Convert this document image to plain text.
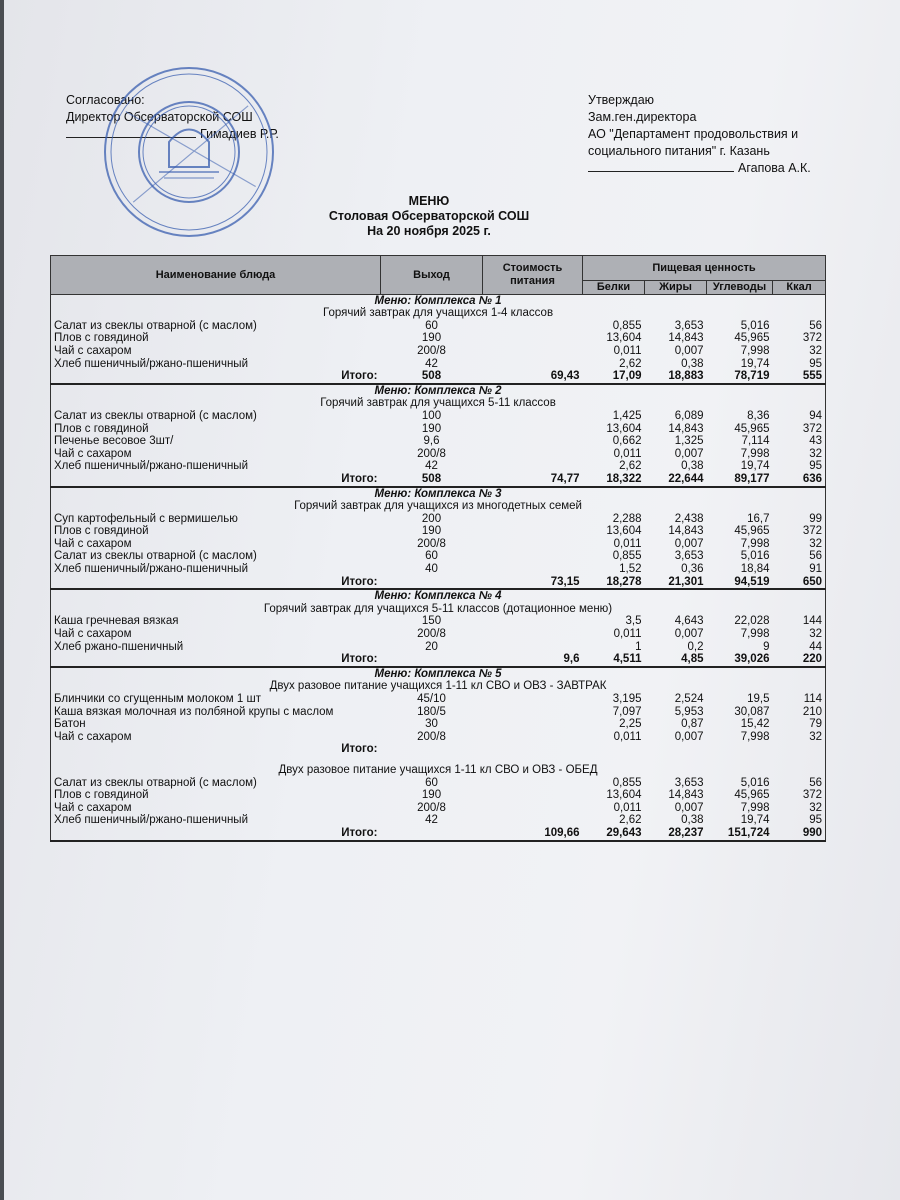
Согласовано:
Директор Обсерваторской СОШ
Гимадиев Р.Р.
Утверждаю
Зам.ген.директора
АО "Департамент продовольствия и
социального питания" г. Казань
Агапова А.К.
МЕНЮ
Столовая Обсерваторской СОШ
На 20 ноября 2025 г.
Наименование блюда	Выход	Стоимость питания	Пищевая ценность			
			Белки	Жиры	Углеводы	Ккал
Меню: Комплекса № 1						
Горячий завтрак для учащихся 1-4 классов						
Салат из свеклы отварной (с маслом)	60		0,855	3,653	5,016	56
Плов с говядиной	190		13,604	14,843	45,965	372
Чай с сахаром	200/8		0,011	0,007	7,998	32
Хлеб пшеничный/ржано-пшеничный	42		2,62	0,38	19,74	95
Итого:	508	69,43	17,09	18,883	78,719	555
Меню: Комплекса № 2						
Горячий завтрак для учащихся 5-11 классов						
Салат из свеклы отварной (с маслом)	100		1,425	6,089	8,36	94
Плов с говядиной	190		13,604	14,843	45,965	372
Печенье весовое 3шт/	9,6		0,662	1,325	7,114	43
Чай с сахаром	200/8		0,011	0,007	7,998	32
Хлеб пшеничный/ржано-пшеничный	42		2,62	0,38	19,74	95
Итого:	508	74,77	18,322	22,644	89,177	636
Меню: Комплекса № 3						
Горячий завтрак для учащихся из многодетных семей						
Суп картофельный с вермишелью	200		2,288	2,438	16,7	99
Плов с говядиной	190		13,604	14,843	45,965	372
Чай с сахаром	200/8		0,011	0,007	7,998	32
Салат из свеклы отварной (с маслом)	60		0,855	3,653	5,016	56
Хлеб пшеничный/ржано-пшеничный	40		1,52	0,36	18,84	91
Итого:		73,15	18,278	21,301	94,519	650
Меню: Комплекса № 4						
Горячий завтрак для учащихся 5-11 классов (дотационное меню)						
Каша гречневая вязкая	150		3,5	4,643	22,028	144
Чай с сахаром	200/8		0,011	0,007	7,998	32
Хлеб ржано-пшеничный	20		1	0,2	9	44
Итого:		9,6	4,511	4,85	39,026	220
Меню: Комплекса № 5						
Двух разовое питание учащихся 1-11 кл СВО и ОВЗ - ЗАВТРАК						
Блинчики со сгущенным молоком 1 шт	45/10		3,195	2,524	19,5	114
Каша вязкая молочная из полбяной крупы с маслом	180/5		7,097	5,953	30,087	210
Батон	30		2,25	0,87	15,42	79
Чай с сахаром	200/8		0,011	0,007	7,998	32
Итого:						

Двух разовое питание учащихся 1-11 кл СВО и ОВЗ - ОБЕД						
Салат из свеклы отварной (с маслом)	60		0,855	3,653	5,016	56
Плов с говядиной	190		13,604	14,843	45,965	372
Чай с сахаром	200/8		0,011	0,007	7,998	32
Хлеб пшеничный/ржано-пшеничный	42		2,62	0,38	19,74	95
Итого:		109,66	29,643	28,237	151,724	990
